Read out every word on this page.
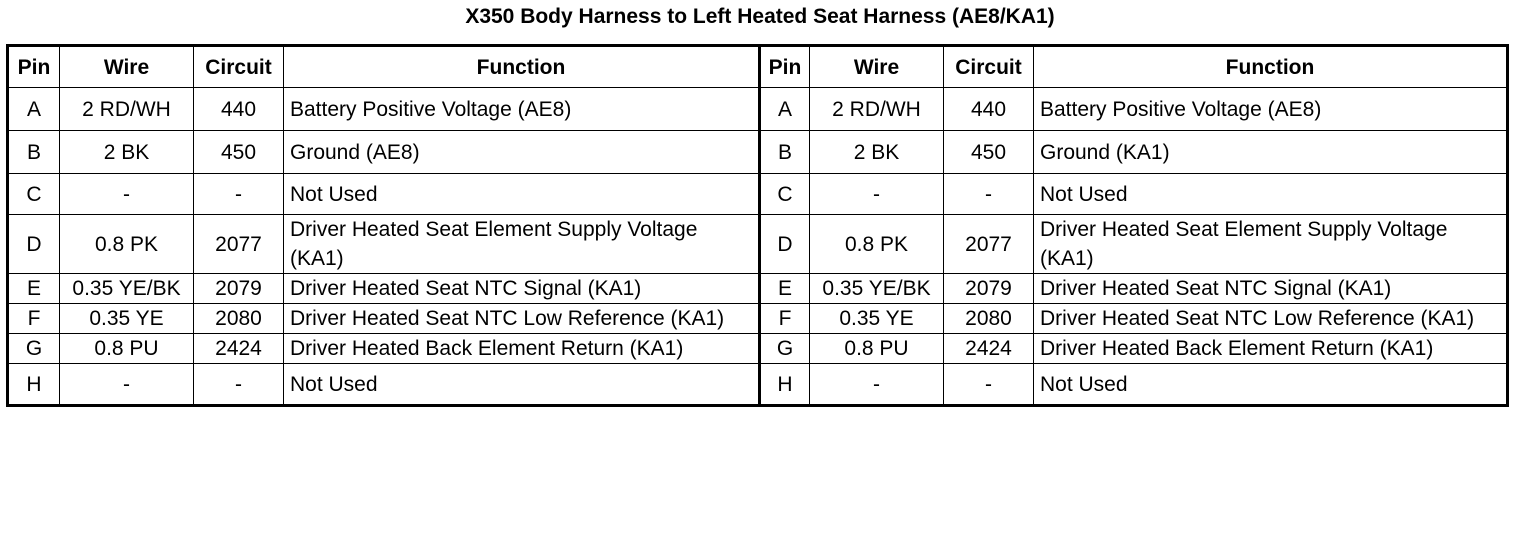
X350 Body Harness to Left Heated Seat Harness (AE8/KA1)
Pin	Wire	Circuit	Function	Pin	Wire	Circuit	Function
A	2 RD/WH	440	Battery Positive Voltage (AE8)	A	2 RD/WH	440	Battery Positive Voltage (AE8)
B	2 BK	450	Ground (AE8)	B	2 BK	450	Ground (KA1)
C	-	-	Not Used	C	-	-	Not Used
D	0.8 PK	2077	Driver Heated Seat Element Supply Voltage (KA1)	D	0.8 PK	2077	Driver Heated Seat Element Supply Voltage (KA1)
E	0.35 YE/BK	2079	Driver Heated Seat NTC Signal (KA1)	E	0.35 YE/BK	2079	Driver Heated Seat NTC Signal (KA1)
F	0.35 YE	2080	Driver Heated Seat NTC Low Reference (KA1)	F	0.35 YE	2080	Driver Heated Seat NTC Low Reference (KA1)
G	0.8 PU	2424	Driver Heated Back Element Return (KA1)	G	0.8 PU	2424	Driver Heated Back Element Return (KA1)
H	-	-	Not Used	H	-	-	Not Used
